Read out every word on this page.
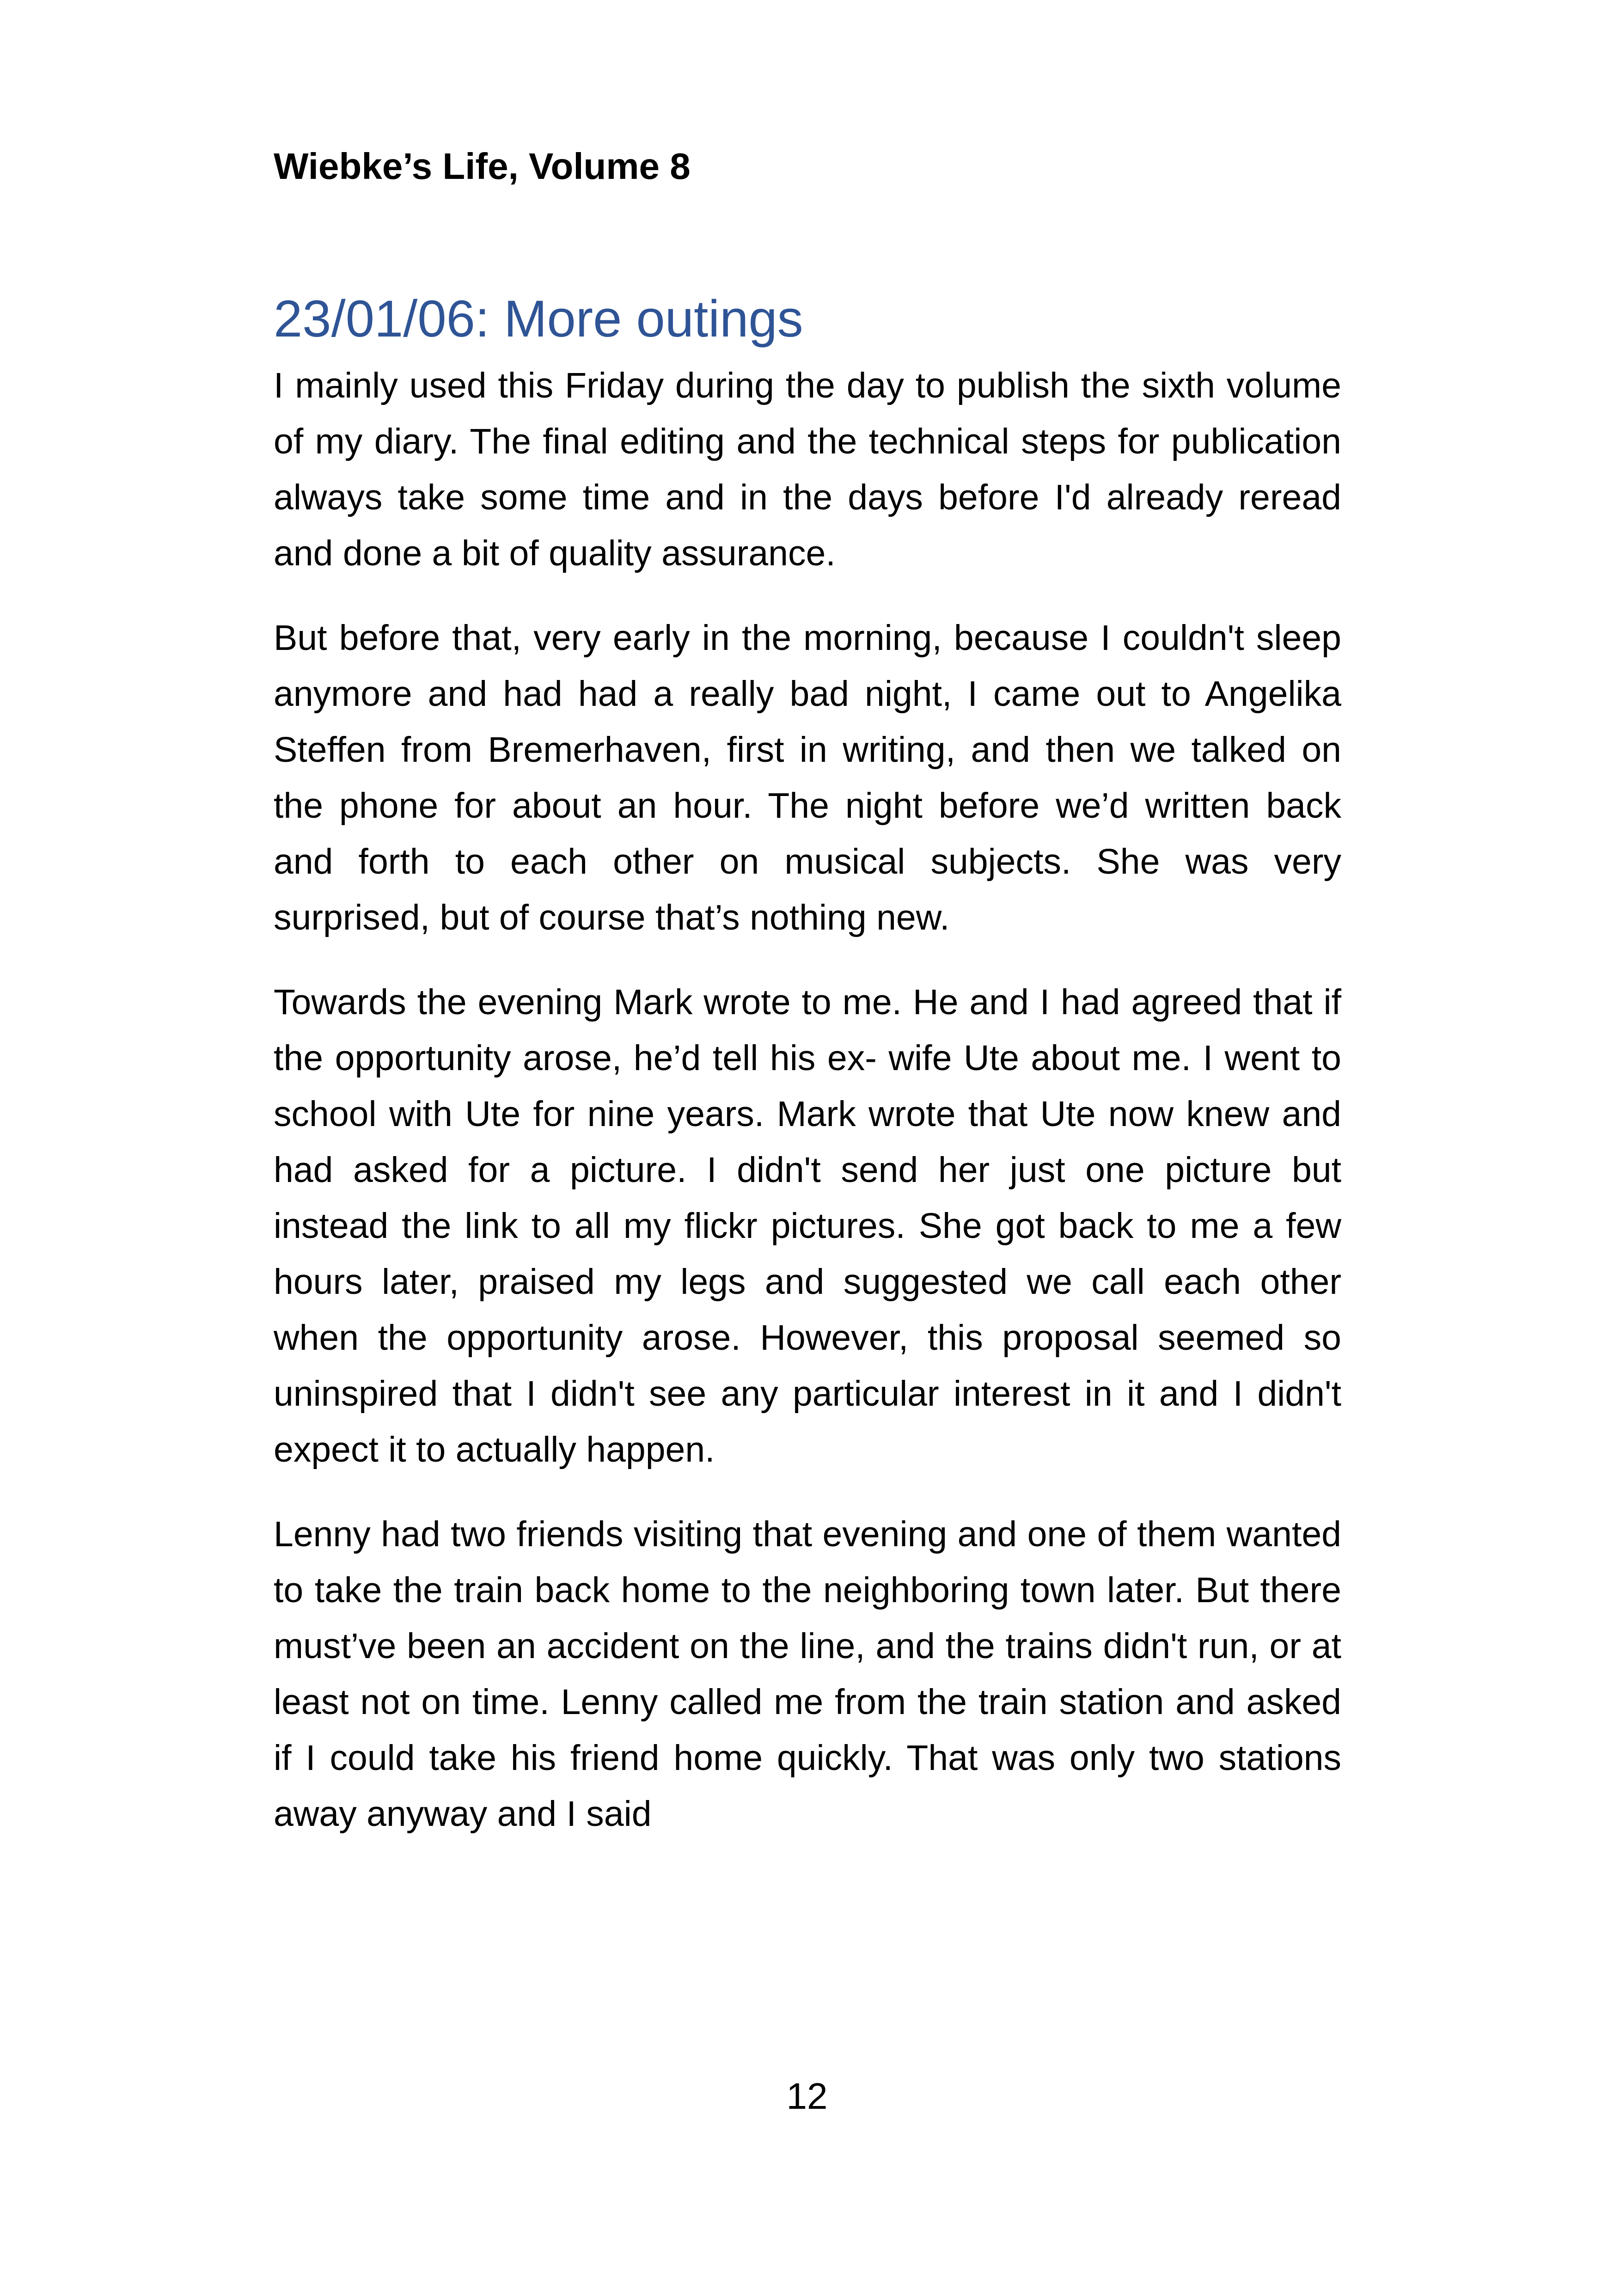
Wiebke’s Life, Volume 8

23/01/06: More outings

I mainly used this Friday during the day to publish the sixth volume of my diary. The final editing and the technical steps for publication always take some time and in the days before I'd already reread and done a bit of quality assurance.

But before that, very early in the morning, because I couldn't sleep anymore and had had a really bad night, I came out to Angelika Steffen from Bremerhaven, first in writing, and then we talked on the phone for about an hour. The night before we’d written back and forth to each other on musical subjects. She was very surprised, but of course that’s nothing new.

Towards the evening Mark wrote to me. He and I had agreed that if the opportunity arose, he’d tell his ex- wife Ute about me. I went to school with Ute for nine years. Mark wrote that Ute now knew and had asked for a picture. I didn't send her just one picture but instead the link to all my flickr pictures. She got back to me a few hours later, praised my legs and suggested we call each other when the opportunity arose. However, this proposal seemed so uninspired that I didn't see any particular interest in it and I didn't expect it to actually happen.

Lenny had two friends visiting that evening and one of them wanted to take the train back home to the neighboring town later. But there must’ve been an accident on the line, and the trains didn't run, or at least not on time. Lenny called me from the train station and asked if I could take his friend home quickly. That was only two stations away anyway and I said

12
